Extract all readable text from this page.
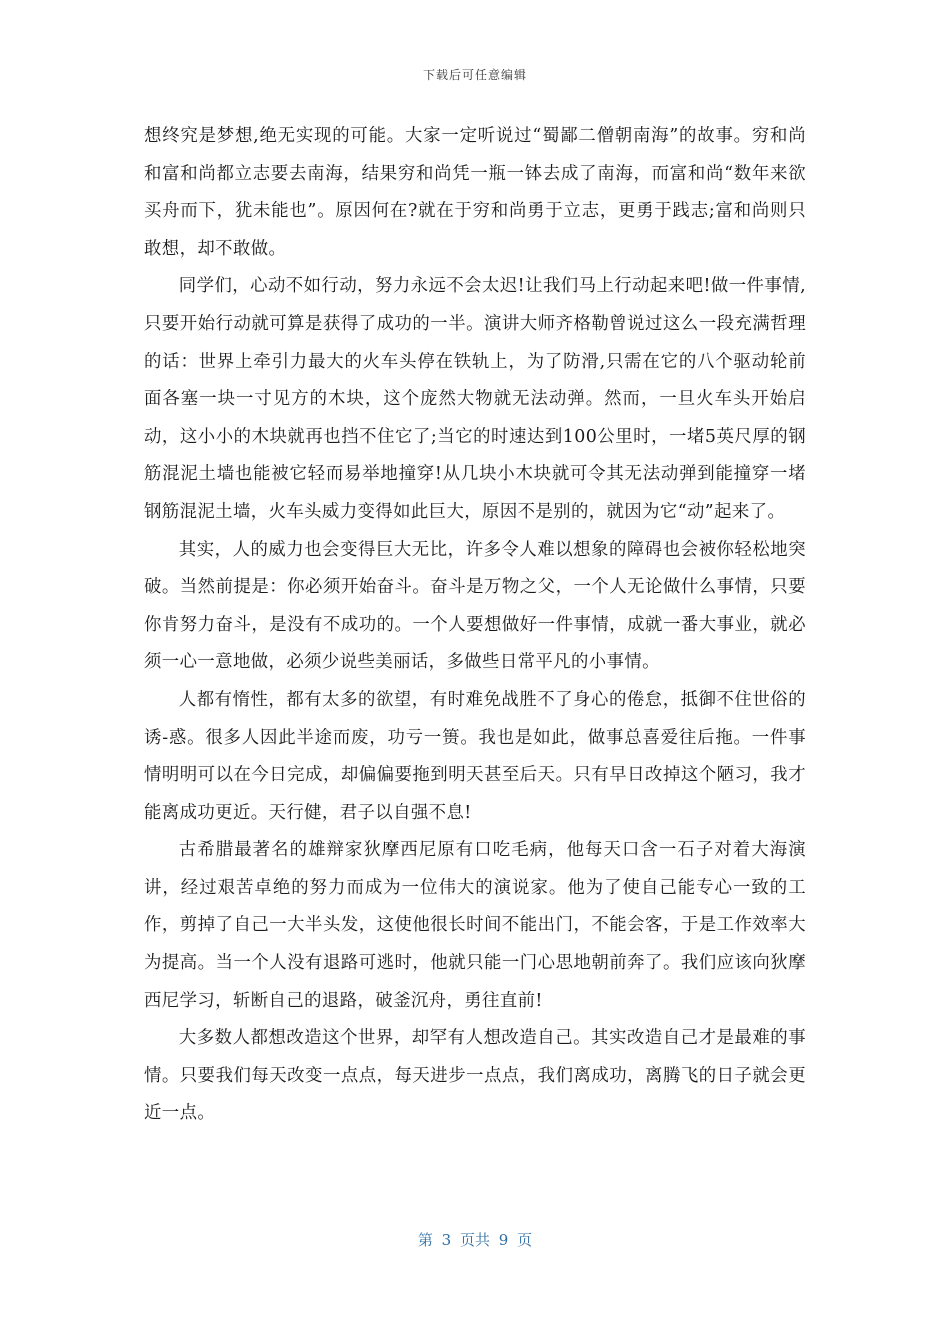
下载后可任意编辑

想终究是梦想,绝无实现的可能。大家一定听说过“蜀鄙二僧朝南海”的故事。穷和尚和富和尚都立志要去南海，结果穷和尚凭一瓶一钵去成了南海，而富和尚“数年来欲买舟而下，犹未能也”。原因何在?就在于穷和尚勇于立志，更勇于践志;富和尚则只敢想，却不敢做。

同学们，心动不如行动，努力永远不会太迟!让我们马上行动起来吧!做一件事情,只要开始行动就可算是获得了成功的一半。演讲大师齐格勒曾说过这么一段充满哲理的话：世界上牵引力最大的火车头停在铁轨上，为了防滑,只需在它的八个驱动轮前面各塞一块一寸见方的木块，这个庞然大物就无法动弹。然而，一旦火车头开始启动，这小小的木块就再也挡不住它了;当它的时速达到100公里时，一堵5英尺厚的钢筋混泥土墙也能被它轻而易举地撞穿!从几块小木块就可令其无法动弹到能撞穿一堵钢筋混泥土墙，火车头威力变得如此巨大，原因不是别的，就因为它“动”起来了。

其实，人的威力也会变得巨大无比，许多令人难以想象的障碍也会被你轻松地突破。当然前提是：你必须开始奋斗。奋斗是万物之父，一个人无论做什么事情，只要你肯努力奋斗，是没有不成功的。一个人要想做好一件事情，成就一番大事业，就必须一心一意地做，必须少说些美丽话，多做些日常平凡的小事情。

人都有惰性，都有太多的欲望，有时难免战胜不了身心的倦怠，抵御不住世俗的诱-惑。很多人因此半途而废，功亏一篑。我也是如此，做事总喜爱往后拖。一件事情明明可以在今日完成，却偏偏要拖到明天甚至后天。只有早日改掉这个陋习，我才能离成功更近。天行健，君子以自强不息!

古希腊最著名的雄辩家狄摩西尼原有口吃毛病，他每天口含一石子对着大海演讲，经过艰苦卓绝的努力而成为一位伟大的演说家。他为了使自己能专心一致的工作，剪掉了自己一大半头发，这使他很长时间不能出门，不能会客，于是工作效率大为提高。当一个人没有退路可逃时，他就只能一门心思地朝前奔了。我们应该向狄摩西尼学习，斩断自己的退路，破釜沉舟，勇往直前!

大多数人都想改造这个世界，却罕有人想改造自己。其实改造自己才是最难的事情。只要我们每天改变一点点，每天进步一点点，我们离成功，离腾飞的日子就会更近一点。

第 3 页共 9 页
